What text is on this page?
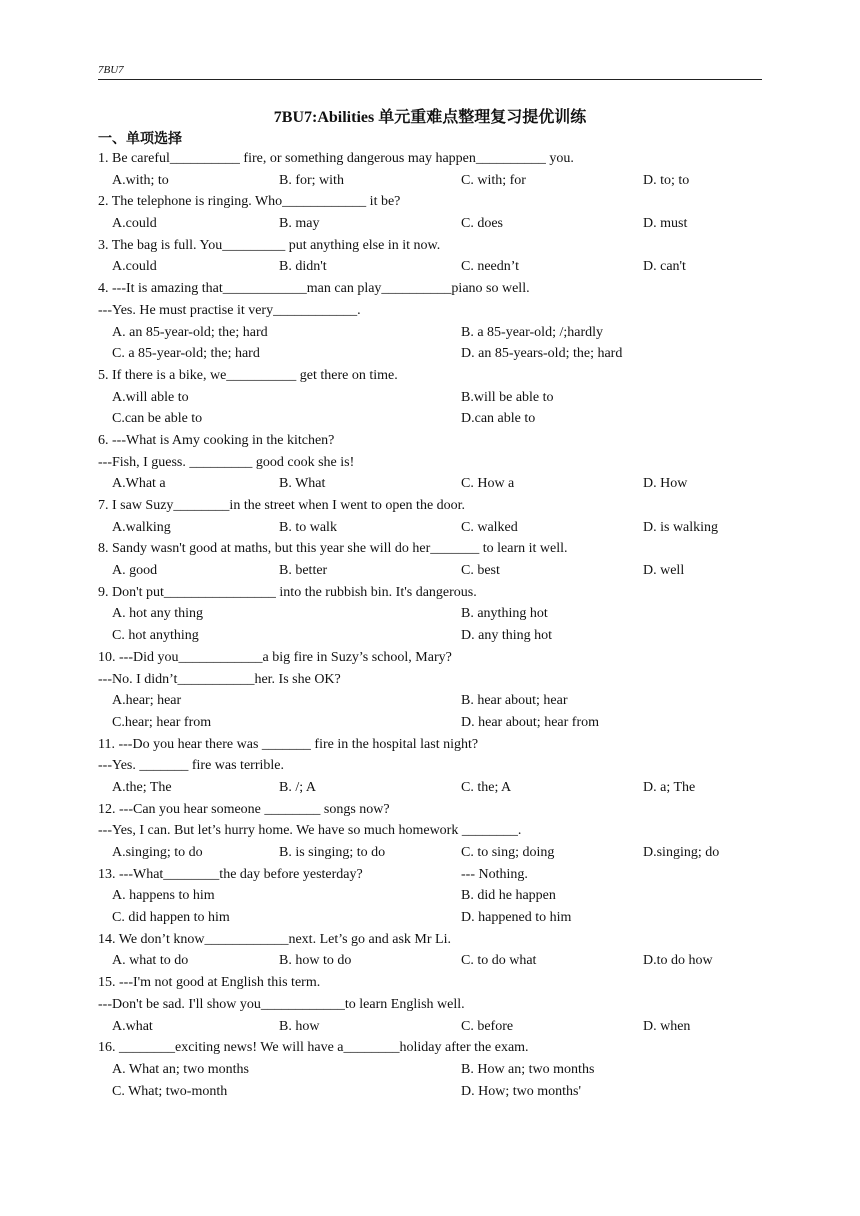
7BU7
7BU7:Abilities 单元重难点整理复习提优训练
一、单项选择
1. Be careful__________ fire, or something dangerous may happen__________ you.
A.with; to	B. for; with	C. with; for	D. to; to
2. The telephone is ringing. Who____________ it be?
A.could	B. may	C. does	D. must
3. The bag is full. You_________ put anything else in it now.
A.could	B. didn't	C. needn’t	D. can't
4. ---It is amazing that____________man can play__________piano so well.
---Yes. He must practise it very____________.
A. an 85-year-old; the; hard	B. a 85-year-old; /;hardly
C. a 85-year-old; the; hard	D. an 85-years-old; the; hard
5. If there is a bike, we__________ get there on time.
A.will able to	B.will be able to
C.can be able to	D.can able to
6. ---What is Amy cooking in the kitchen?
---Fish, I guess. _________ good cook she is!
A.What a	B. What	C. How a	D. How
7. I saw Suzy________in the street when I went to open the door.
A.walking	B. to walk	C. walked	D. is walking
8. Sandy wasn't good at maths, but this year she will do her_______ to learn it well.
A. good	B. better	C. best	D. well
9. Don't put________________ into the rubbish bin. It's dangerous.
A. hot any thing	B. anything hot
C. hot anything	D. any thing hot
10. ---Did you____________a big fire in Suzy’s school, Mary?
---No. I didn’t___________her. Is she OK?
A.hear; hear	B. hear about; hear
C.hear; hear from	D. hear about; hear from
11. ---Do you hear there was _______ fire in the hospital last night?
---Yes. _______ fire was terrible.
A.the; The	B. /; A	C. the; A	D. a; The
12. ---Can you hear someone ________ songs now?
---Yes, I can. But let’s hurry home. We have so much homework ________.
A.singing; to do	B. is singing; to do	C. to sing; doing	D.singing; do
13. ---What________the day before yesterday?	--- Nothing.
A. happens to him	B. did he happen
C. did happen to him	D. happened to him
14. We don’t know____________next. Let’s go and ask Mr Li.
A. what to do	B. how to do	C. to do what	D.to do how
15. ---I'm not good at English this term.
---Don't be sad. I'll show you____________to learn English well.
A.what	B. how	C. before	D. when
16. ________exciting news! We will have a________holiday after the exam.
A. What an; two months	B. How an; two months
C. What; two-month	D. How; two months'
